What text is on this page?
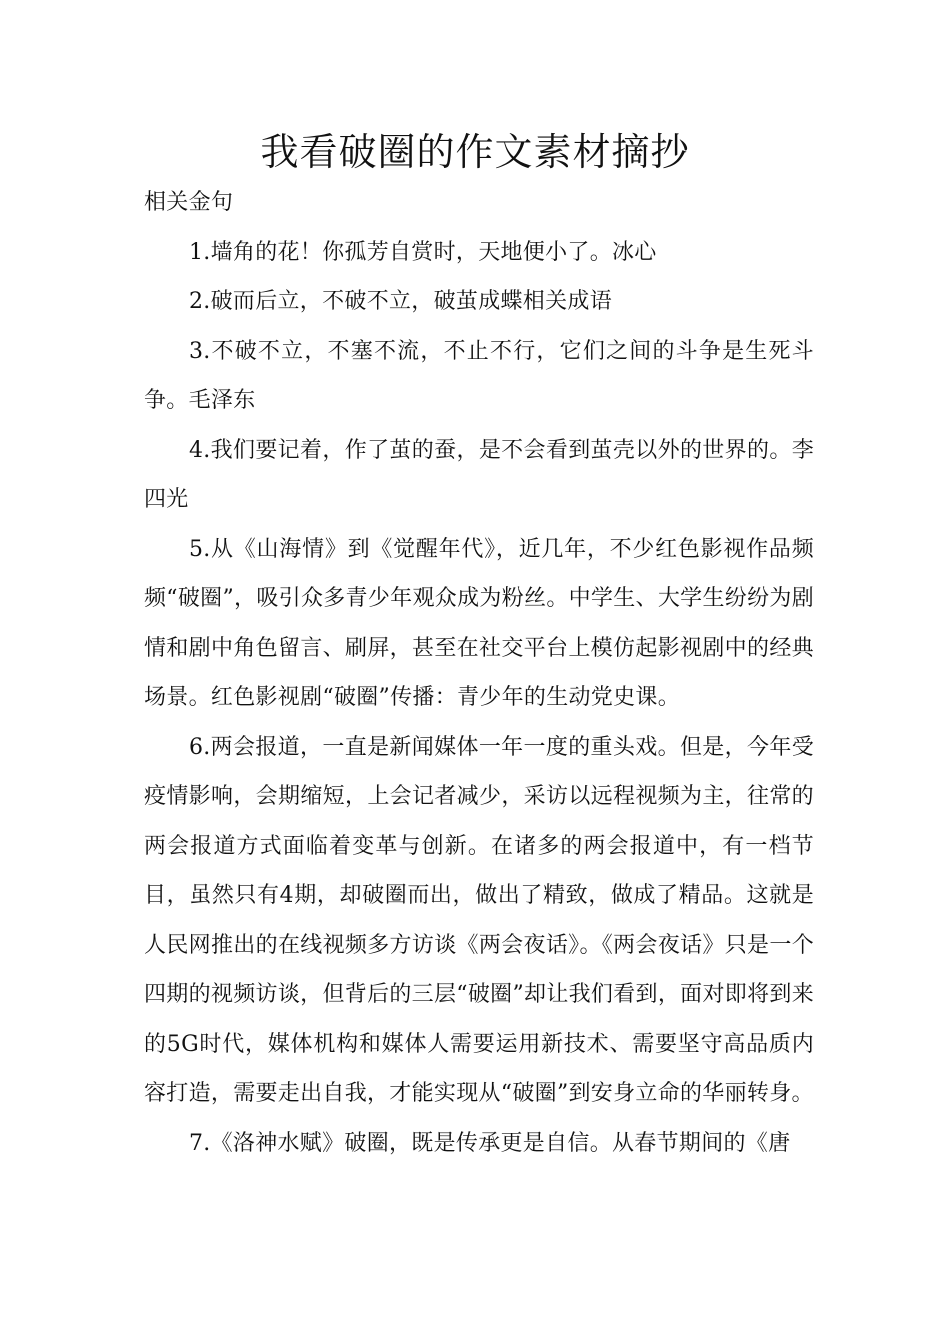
我看破圈的作文素材摘抄

相关金句

1.墙角的花！你孤芳自赏时，天地便小了。冰心

2.破而后立，不破不立，破茧成蝶相关成语

3.不破不立，不塞不流，不止不行，它们之间的斗争是生死斗争。毛泽东

4.我们要记着，作了茧的蚕，是不会看到茧壳以外的世界的。李四光

5.从《山海情》到《觉醒年代》，近几年，不少红色影视作品频频“破圈”，吸引众多青少年观众成为粉丝。中学生、大学生纷纷为剧情和剧中角色留言、刷屏，甚至在社交平台上模仿起影视剧中的经典场景。红色影视剧“破圈”传播：青少年的生动党史课。

6.两会报道，一直是新闻媒体一年一度的重头戏。但是，今年受疫情影响，会期缩短，上会记者减少，采访以远程视频为主，往常的两会报道方式面临着变革与创新。在诸多的两会报道中，有一档节目，虽然只有4期，却破圈而出，做出了精致，做成了精品。这就是人民网推出的在线视频多方访谈《两会夜话》。《两会夜话》只是一个四期的视频访谈，但背后的三层“破圈”却让我们看到，面对即将到来的5G时代，媒体机构和媒体人需要运用新技术、需要坚守高品质内容打造，需要走出自我，才能实现从“破圈”到安身立命的华丽转身。

7.《洛神水赋》破圈，既是传承更是自信。从春节期间的《唐
